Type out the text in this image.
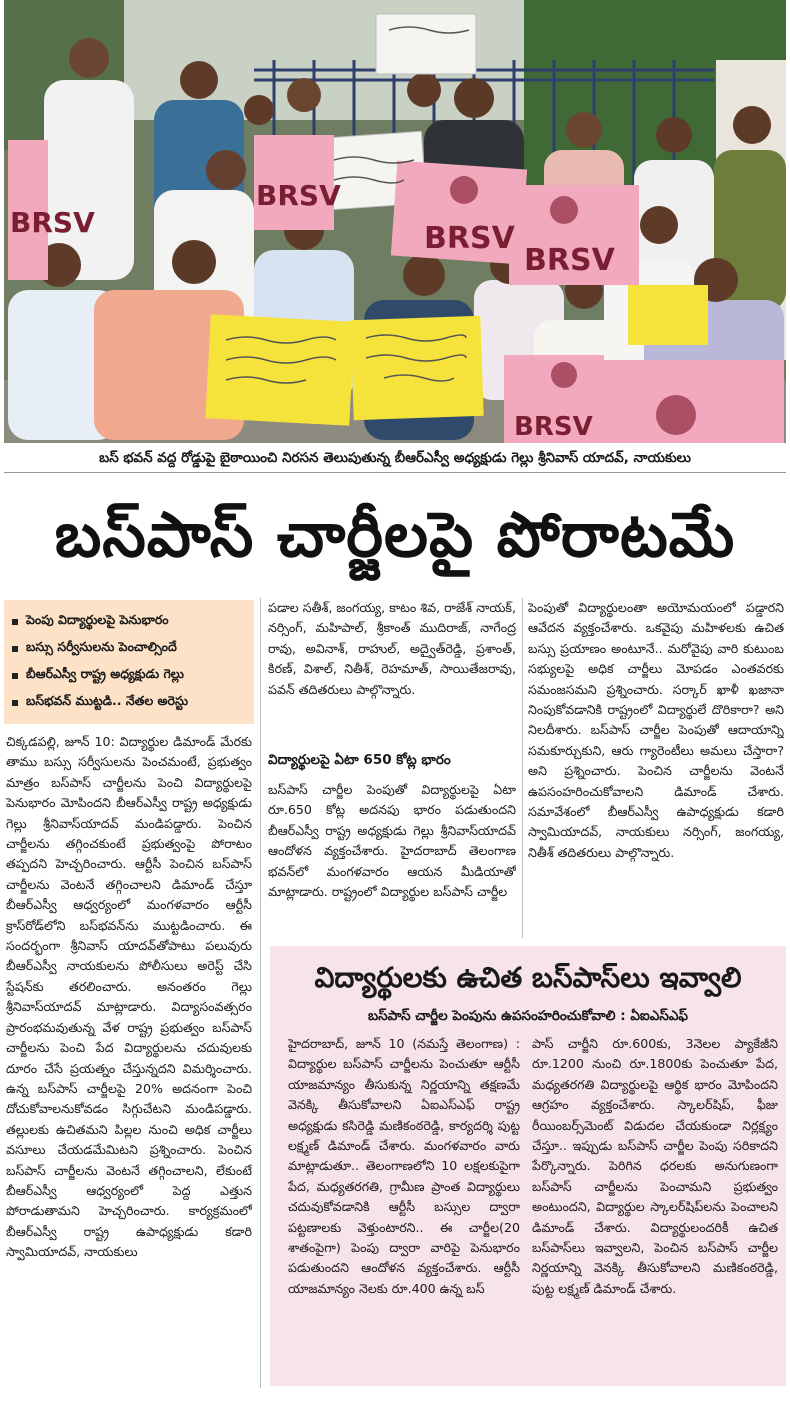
BRSV
BRSV
BRSV
BRSV
BRSV
బస్ భవన్ వద్ద రోడ్డుపై బైఠాయించి నిరసన తెలుపుతున్న బీఆర్ఎస్వీ అధ్యక్షుడు గెల్లు శ్రీనివాస్ యాదవ్, నాయకులు
బస్‌పాస్ చార్జీలపై పోరాటమే
పెంపు విద్యార్థులపై పెనుభారం
బస్సు సర్వీసులను పెంచాల్సిందే
బీఆర్ఎస్వీ రాష్ట్ర అధ్యక్షుడు గెల్లు
బస్‌భవన్ ముట్టడి.. నేతల అరెస్టు

చిక్కడపల్లి, జూన్ 10: విద్యార్థుల డిమాండ్ మేరకు తాము బస్సు సర్వీసులను పెంచమంటే, ప్రభుత్వం మాత్రం బస్‌పాస్ చార్జీలను పెంచి విద్యార్థులపై పెనుభారం మోపిందని బీఆర్ఎస్వీ రాష్ట్ర అధ్యక్షుడు గెల్లు శ్రీనివాస్‌యాదవ్ మండిపడ్డారు. పెంచిన చార్జీలను తగ్గించకుంటే ప్రభుత్వంపై పోరాటం తప్పదని హెచ్చరించారు. ఆర్టీసీ పెంచిన బస్‌పాస్ చార్జీలను వెంటనే తగ్గించాలని డిమాండ్ చేస్తూ బీఆర్ఎస్వీ ఆధ్వర్యంలో మంగళవారం ఆర్టీసీ క్రాస్‌రోడ్‌లోని బస్‌భవన్‌ను ముట్టడించారు. ఈ సందర్భంగా శ్రీనివాస్ యాదవ్‌తోపాటు పలువురు బీఆర్ఎస్వీ నాయకులను పోలీసులు అరెస్ట్ చేసి స్టేషన్‌కు తరలించారు. అనంతరం గెల్లు శ్రీనివాస్‌యాదవ్ మాట్లాడారు. విద్యాసంవత్సరం ప్రారంభమవుతున్న వేళ రాష్ట్ర ప్రభుత్వం బస్‌పాస్ చార్జీలను పెంచి పేద విద్యార్థులను చదువులకు దూరం చేసే ప్రయత్నం చేస్తున్నదని విమర్శించారు. ఉన్న బస్‌పాస్ చార్జీలపై 20% అదనంగా పెంచి దోచుకోవాలనుకోవడం సిగ్గుచేటని మండిపడ్డారు. తల్లులకు ఉచితమని పిల్లల నుంచి అధిక చార్జీలు వసూలు చేయడమేమిటని ప్రశ్నించారు. పెంచిన బస్‌పాస్ చార్జీలను వెంటనే తగ్గించాలని, లేకుంటే బీఆర్ఎస్వీ ఆధ్వర్యంలో పెద్ద ఎత్తున పోరాడుతామని హెచ్చరించారు. కార్యక్రమంలో బీఆర్ఎస్వీ రాష్ట్ర ఉపాధ్యక్షుడు కడారి స్వామియాదవ్, నాయకులు

పడాల సతీశ్, జంగయ్య, కాటం శివ, రాజేశ్ నాయక్, నర్సింగ్, మహిపాల్, శ్రీకాంత్ ముదిరాజ్, నాగేంద్ర రావు, అవినాశ్, రాహుల్, అద్వైత్‌రెడ్డి, ప్రశాంత్, కిరణ్, విశాల్, నితీశ్, రెహమాత్, సాయితేజరావు, పవన్ తదితరులు పాల్గొన్నారు.

విద్యార్థులపై ఏటా 650 కోట్ల భారం

బస్‌పాస్ చార్జీల పెంపుతో విద్యార్థులపై ఏటా రూ.650 కోట్ల అదనపు భారం పడుతుందని బీఆర్ఎస్వీ రాష్ట్ర అధ్యక్షుడు గెల్లు శ్రీనివాస్‌యాదవ్ ఆందోళన వ్యక్తంచేశారు. హైదరాబాద్ తెలంగాణ భవన్‌లో మంగళవారం ఆయన మీడియాతో మాట్లాడారు. రాష్ట్రంలో విద్యార్థుల బస్‌పాస్ చార్జీల

పెంపుతో విద్యార్థులంతా అయోమయంలో పడ్డారని ఆవేదన వ్యక్తంచేశారు. ఒకవైపు మహిళలకు ఉచిత బస్సు ప్రయాణం అంటూనే.. మరోవైపు వారి కుటుంబ సభ్యులపై అధిక చార్జీలు మోపడం ఎంతవరకు సమంజసమని ప్రశ్నించారు. సర్కార్ ఖాళీ ఖజానా నింపుకోవడానికి రాష్ట్రంలో విద్యార్థులే దొరికారా? అని నిలదీశారు. బస్‌పాస్ చార్జీల పెంపుతో ఆదాయాన్ని సమకూర్చుకుని, ఆరు గ్యారెంటీలు అమలు చేస్తారా? అని ప్రశ్నించారు. పెంచిన చార్జీలను వెంటనే ఉపసంహరించుకోవాలని డిమాండ్ చేశారు. సమావేశంలో బీఆర్ఎస్వీ ఉపాధ్యక్షుడు కడారి స్వామియాదవ్, నాయకులు నర్సింగ్, జంగయ్య, నితీశ్ తదితరులు పాల్గొన్నారు.

విద్యార్థులకు ఉచిత బస్‌పాస్‌లు ఇవ్వాలి
బస్‌పాస్ చార్జీల పెంపును ఉపసంహరించుకోవాలి : ఏఐఎస్ఎఫ్

హైదరాబాద్, జూన్ 10 (నమస్తే తెలంగాణ) : విద్యార్థుల బస్‌పాస్ చార్జీలను పెంచుతూ ఆర్టీసీ యాజమాన్యం తీసుకున్న నిర్ణయాన్ని తక్షణమే వెనక్కి తీసుకోవాలని ఏఐఎస్ఎఫ్ రాష్ట్ర అధ్యక్షుడు కసిరెడ్డి మణికంఠరెడ్డి, కార్యదర్శి పుట్ట లక్ష్మణ్ డిమాండ్ చేశారు. మంగళవారం వారు మాట్లాడుతూ.. తెలంగాణలోని 10 లక్షలకుపైగా పేద, మధ్యతరగతి, గ్రామీణ ప్రాంత విద్యార్థులు చదువుకోవడానికి ఆర్టీసీ బస్సుల ద్వారా పట్టణాలకు వెళ్తుంటారని.. ఈ చార్జీల(20 శాతంపైగా) పెంపు ద్వారా వారిపై పెనుభారం పడుతుందని ఆందోళన వ్యక్తంచేశారు. ఆర్టీసీ యాజమాన్యం నెలకు రూ.400 ఉన్న బస్

పాస్ చార్జీని రూ.600కు, 3నెలల ప్యాకేజీని రూ.1200 నుంచి రూ.1800కు పెంచుతూ పేద, మధ్యతరగతి విద్యార్థులపై ఆర్థిక భారం మోపిందని ఆగ్రహం వ్యక్తంచేశారు. స్కాలర్‌షిప్, ఫీజు రీయింబర్స్‌మెంట్ విడుదల చేయకుండా నిర్లక్ష్యం చేస్తూ.. ఇప్పుడు బస్‌పాస్ చార్జీల పెంపు సరికాదని పేర్కొన్నారు. పెరిగిన ధరలకు అనుగుణంగా బస్‌పాస్ చార్జీలను పెంచామని ప్రభుత్వం అంటుందని, విద్యార్థుల స్కాలర్‌షిప్‌లను పెంచాలని డిమాండ్ చేశారు. విద్యార్థులందరికీ ఉచిత బస్‌పాస్‌లు ఇవ్వాలని, పెంచిన బస్‌పాస్ చార్జీల నిర్ణయాన్ని వెనక్కి తీసుకోవాలని మణికంఠరెడ్డి, పుట్ట లక్ష్మణ్ డిమాండ్ చేశారు.
